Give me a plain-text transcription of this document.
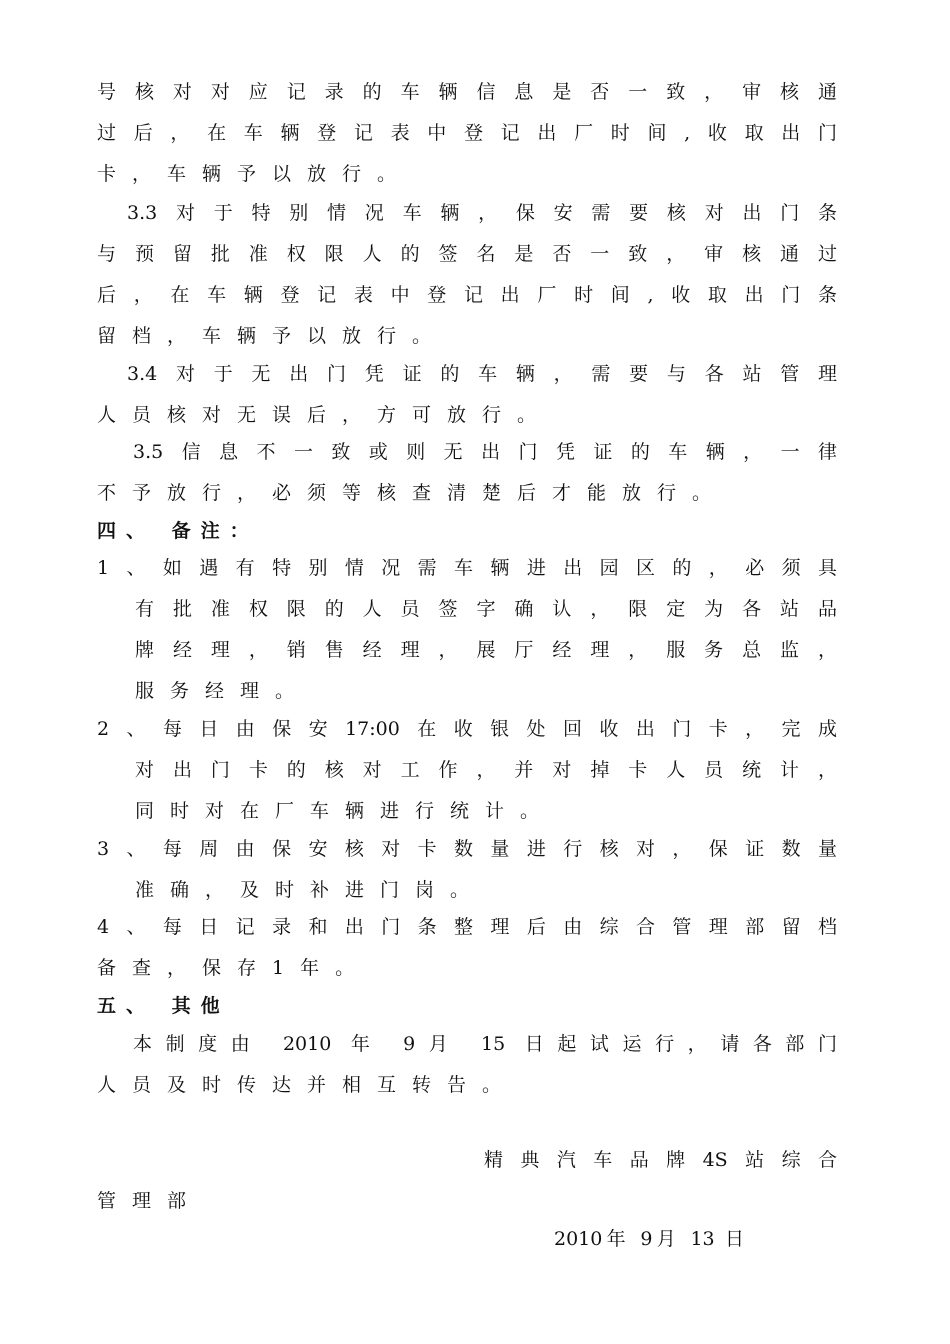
号核对对应记录的车辆信息是否一致，审核通
过后，在车辆登记表中登记出厂时间,收取出门
卡，车辆予以放行。
3.3对于特别情况车辆，保安需要核对出门条
与预留批准权限人的签名是否一致，审核通过
后，在车辆登记表中登记出厂时间,收取出门条
留档，车辆予以放行。
3.4对于无出门凭证的车辆，需要与各站管理
人员核对无误后，方可放行。
3.5信息不一致或则无出门凭证的车辆，一律
不予放行，必须等核查清楚后才能放行。
四、 备注：
1、如遇有特别情况需车辆进出园区的，必须具
有批准权限的人员签字确认，限定为各站品
牌经理，销售经理，展厅经理，服务总监，
服务经理。
2、每日由保安17:00在收银处回收出门卡，完成
对出门卡的核对工作，并对掉卡人员统计，
同时对在厂车辆进行统计。
3、每周由保安核对卡数量进行核对，保证数量
准确，及时补进门岗。
4、每日记录和出门条整理后由综合管理部留档
备查，保存1年。
五、 其他
本制度由 2010 年 9月 15 日起试运行，请各部门
人员及时传达并相互转告。
精典汽车品牌4S站综合
管理部
2010年 9月 13 日
